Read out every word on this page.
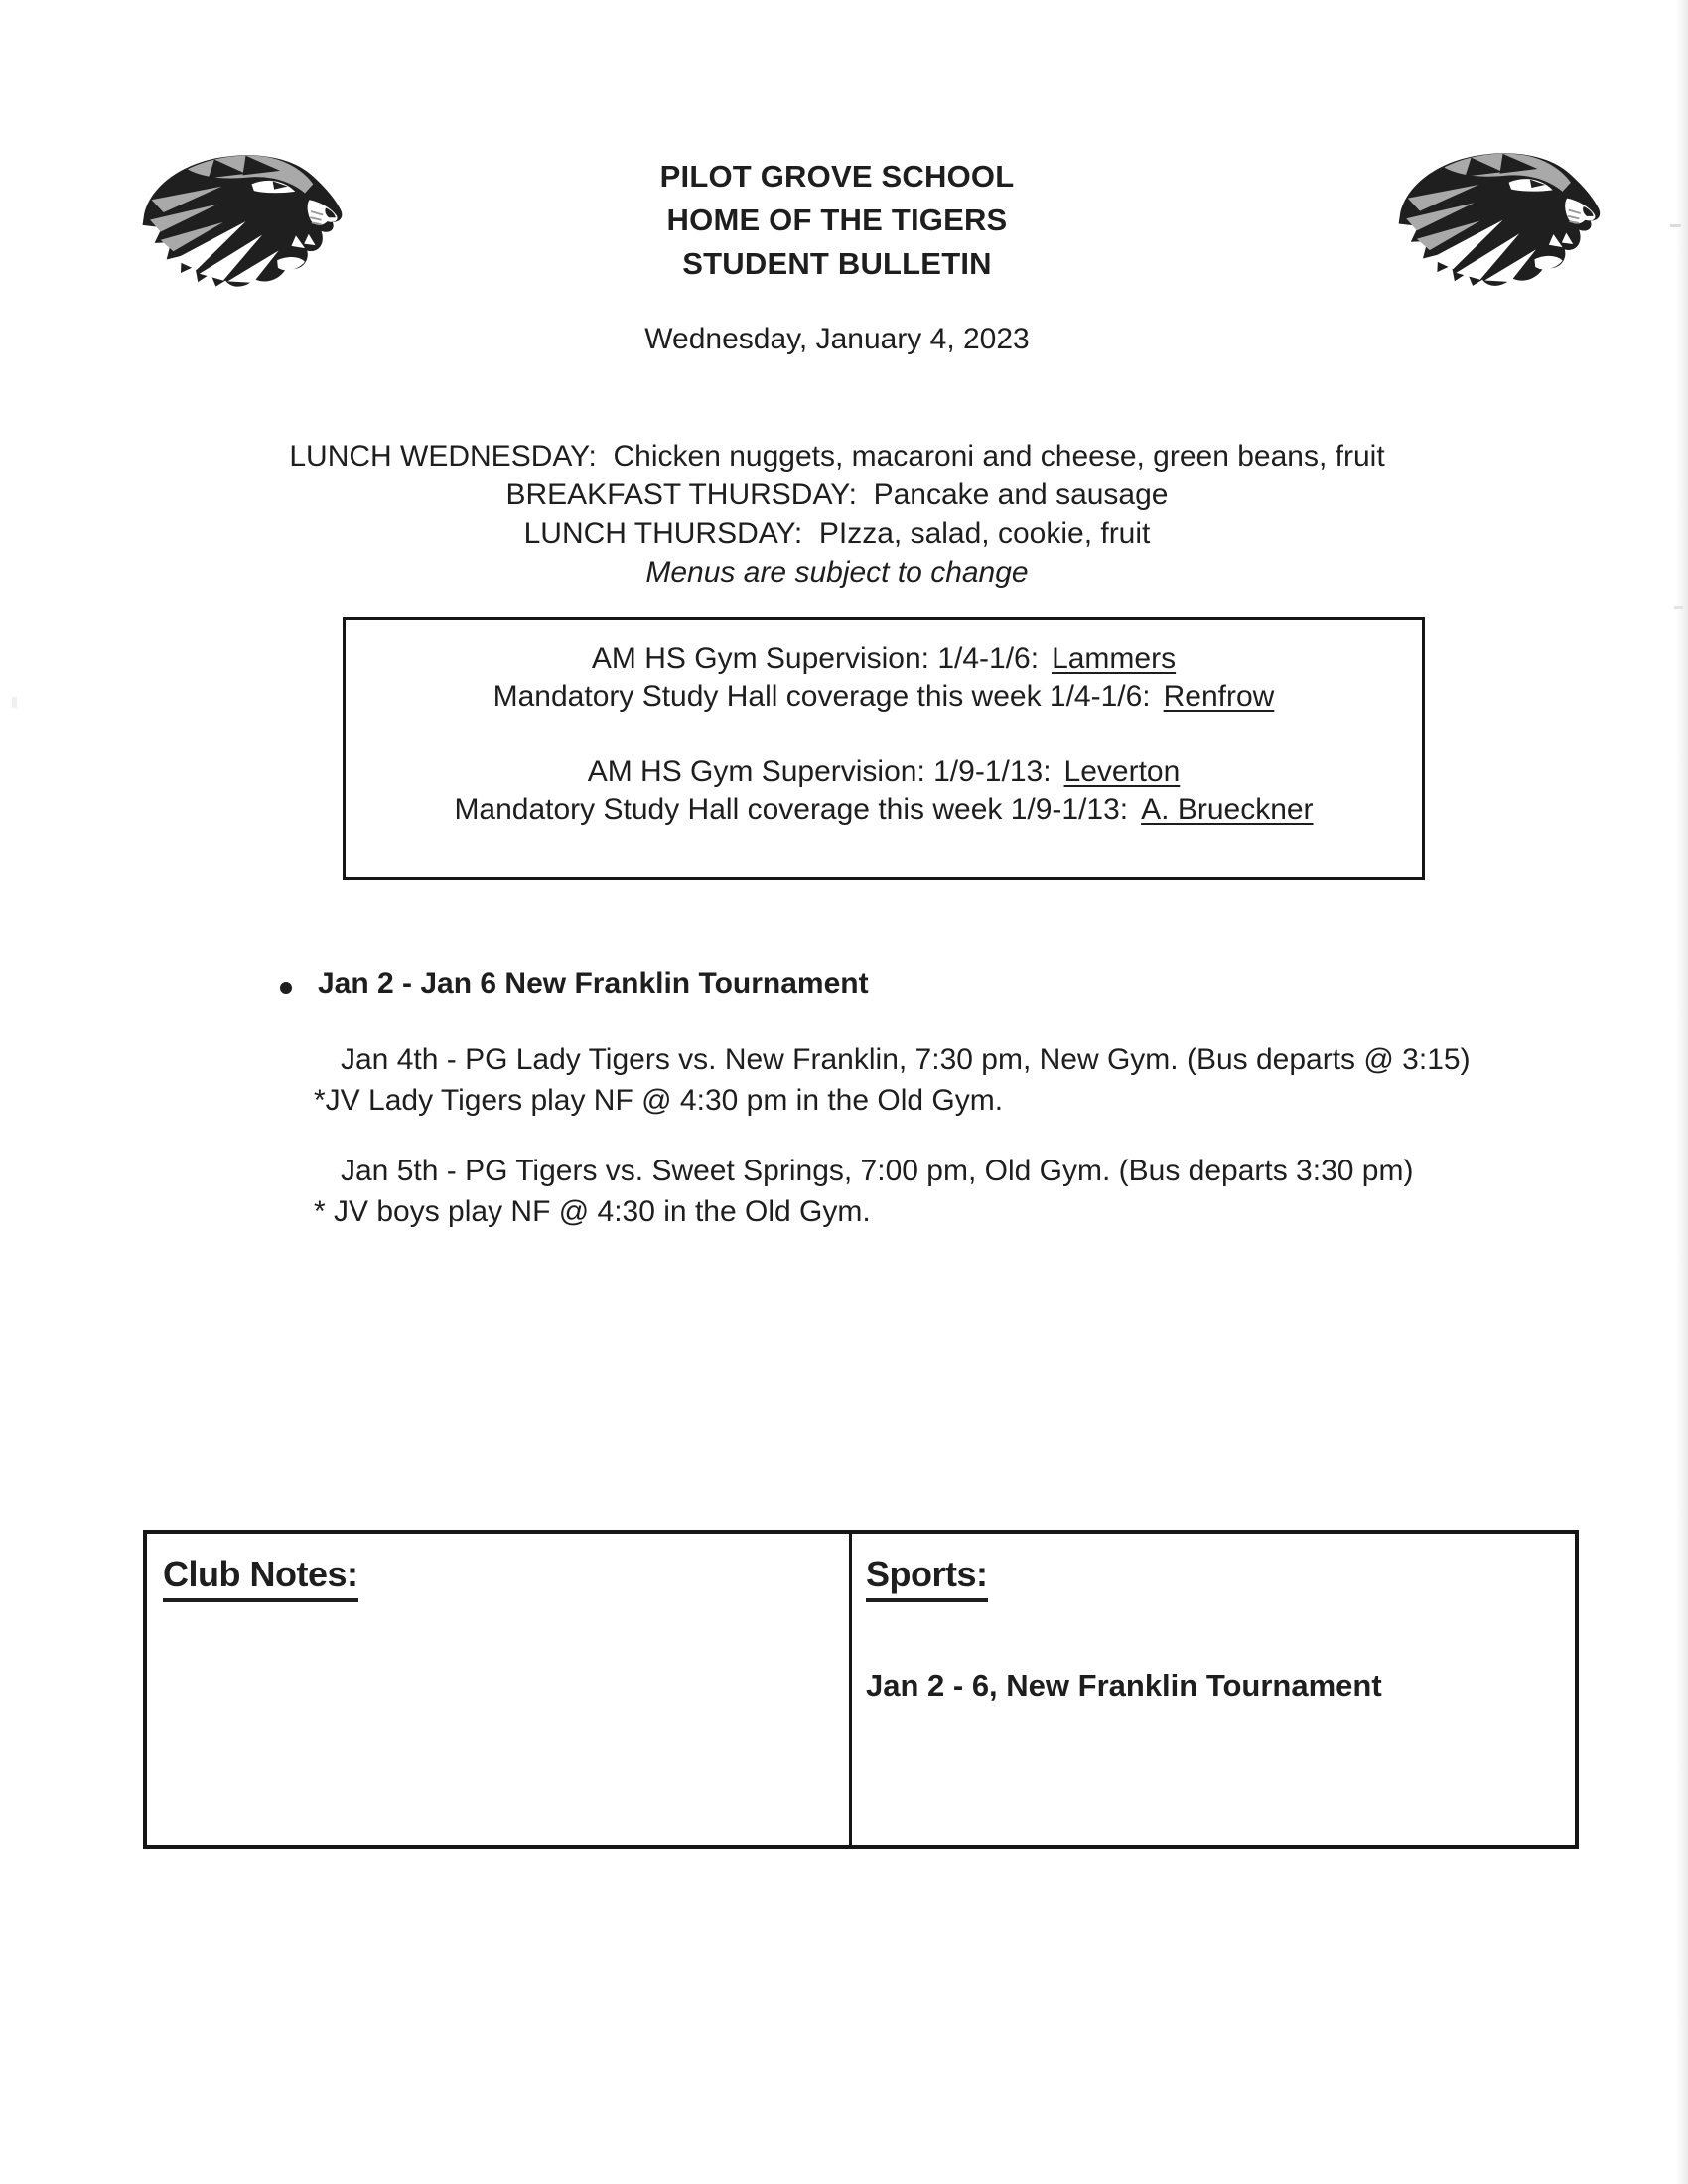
PILOT GROVE SCHOOL
HOME OF THE TIGERS
STUDENT BULLETIN
Wednesday, January 4, 2023
LUNCH WEDNESDAY:  Chicken nuggets, macaroni and cheese, green beans, fruit
BREAKFAST THURSDAY:  Pancake and sausage
LUNCH THURSDAY:  PIzza, salad, cookie, fruit
Menus are subject to change
AM HS Gym Supervision: 1/4-1/6: Lammers
Mandatory Study Hall coverage this week 1/4-1/6: Renfrow
AM HS Gym Supervision: 1/9-1/13: Leverton
Mandatory Study Hall coverage this week 1/9-1/13: A. Brueckner
Jan 2 - Jan 6 New Franklin Tournament
Jan 4th - PG Lady Tigers vs. New Franklin, 7:30 pm, New Gym. (Bus departs @ 3:15)
*JV Lady Tigers play NF @ 4:30 pm in the Old Gym.
Jan 5th - PG Tigers vs. Sweet Springs, 7:00 pm, Old Gym. (Bus departs 3:30 pm)
* JV boys play NF @ 4:30 in the Old Gym.
Club Notes:	Sports:
Jan 2 - 6, New Franklin Tournament
